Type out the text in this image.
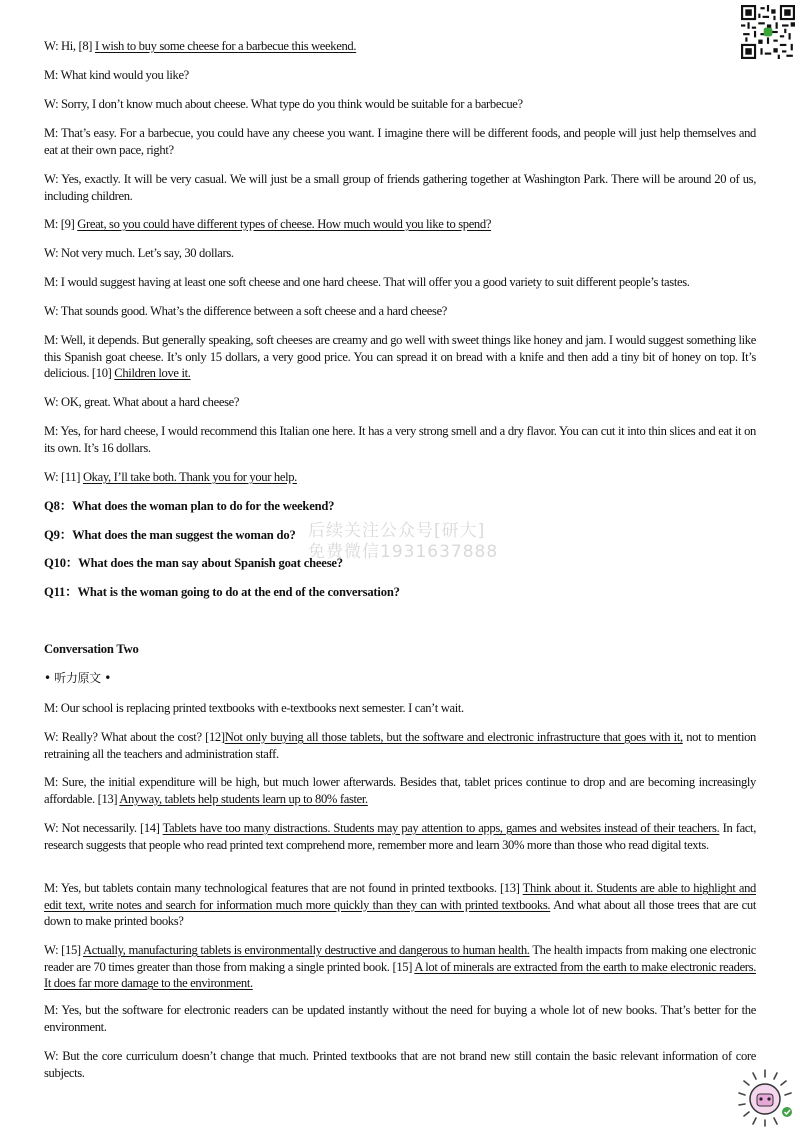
W: Hi, [8] I wish to buy some cheese for a barbecue this weekend.

M: What kind would you like?

W: Sorry, I don’t know much about cheese. What type do you think would be suitable for a barbecue?

M: That’s easy. For a barbecue, you could have any cheese you want. I imagine there will be different foods, and people will just help themselves and eat at their own pace, right?

W: Yes, exactly. It will be very casual. We will just be a small group of friends gathering together at Washington Park. There will be around 20 of us, including children.

M: [9] Great, so you could have different types of cheese. How much would you like to spend?

W: Not very much. Let’s say, 30 dollars.

M: I would suggest having at least one soft cheese and one hard cheese. That will offer you a good variety to suit different people’s tastes.

W: That sounds good. What’s the difference between a soft cheese and a hard cheese?

M: Well, it depends. But generally speaking, soft cheeses are creamy and go well with sweet things like honey and jam. I would suggest something like this Spanish goat cheese. It’s only 15 dollars, a very good price. You can spread it on bread with a knife and then add a tiny bit of honey on top. It’s delicious. [10] Children love it.

W: OK, great. What about a hard cheese?

M: Yes, for hard cheese, I would recommend this Italian one here. It has a very strong smell and a dry flavor. You can cut it into thin slices and eat it on its own. It’s 16 dollars.

W: [11] Okay, I’ll take both. Thank you for your help.

Q8：What does the woman plan to do for the weekend?

Q9：What does the man suggest the woman do?

Q10：What does the man say about Spanish goat cheese?

Q11：What is the woman going to do at the end of the conversation?

Conversation Two

• 听力原文 •

M: Our school is replacing printed textbooks with e-textbooks next semester. I can’t wait.

W: Really? What about the cost? [12]Not only buying all those tablets, but the software and electronic infrastructure that goes with it, not to mention retraining all the teachers and administration staff.

M: Sure, the initial expenditure will be high, but much lower afterwards. Besides that, tablet prices continue to drop and are becoming increasingly affordable. [13] Anyway, tablets help students learn up to 80% faster.

W: Not necessarily. [14] Tablets have too many distractions. Students may pay attention to apps, games and websites instead of their teachers. In fact, research suggests that people who read printed text comprehend more, remember more and learn 30% more than those who read digital texts.

M: Yes, but tablets contain many technological features that are not found in printed textbooks. [13] Think about it. Students are able to highlight and edit text, write notes and search for information much more quickly than they can with printed textbooks. And what about all those trees that are cut down to make printed books?

W: [15] Actually, manufacturing tablets is environmentally destructive and dangerous to human health. The health impacts from making one electronic reader are 70 times greater than those from making a single printed book. [15] A lot of minerals are extracted from the earth to make electronic readers. It does far more damage to the environment.

M: Yes, but the software for electronic readers can be updated instantly without the need for buying a whole lot of new books. That’s better for the environment.

W: But the core curriculum doesn’t change that much. Printed textbooks that are not brand new still contain the basic relevant information of core subjects.

后续关注公众号[研大]
免费微信1931637888
